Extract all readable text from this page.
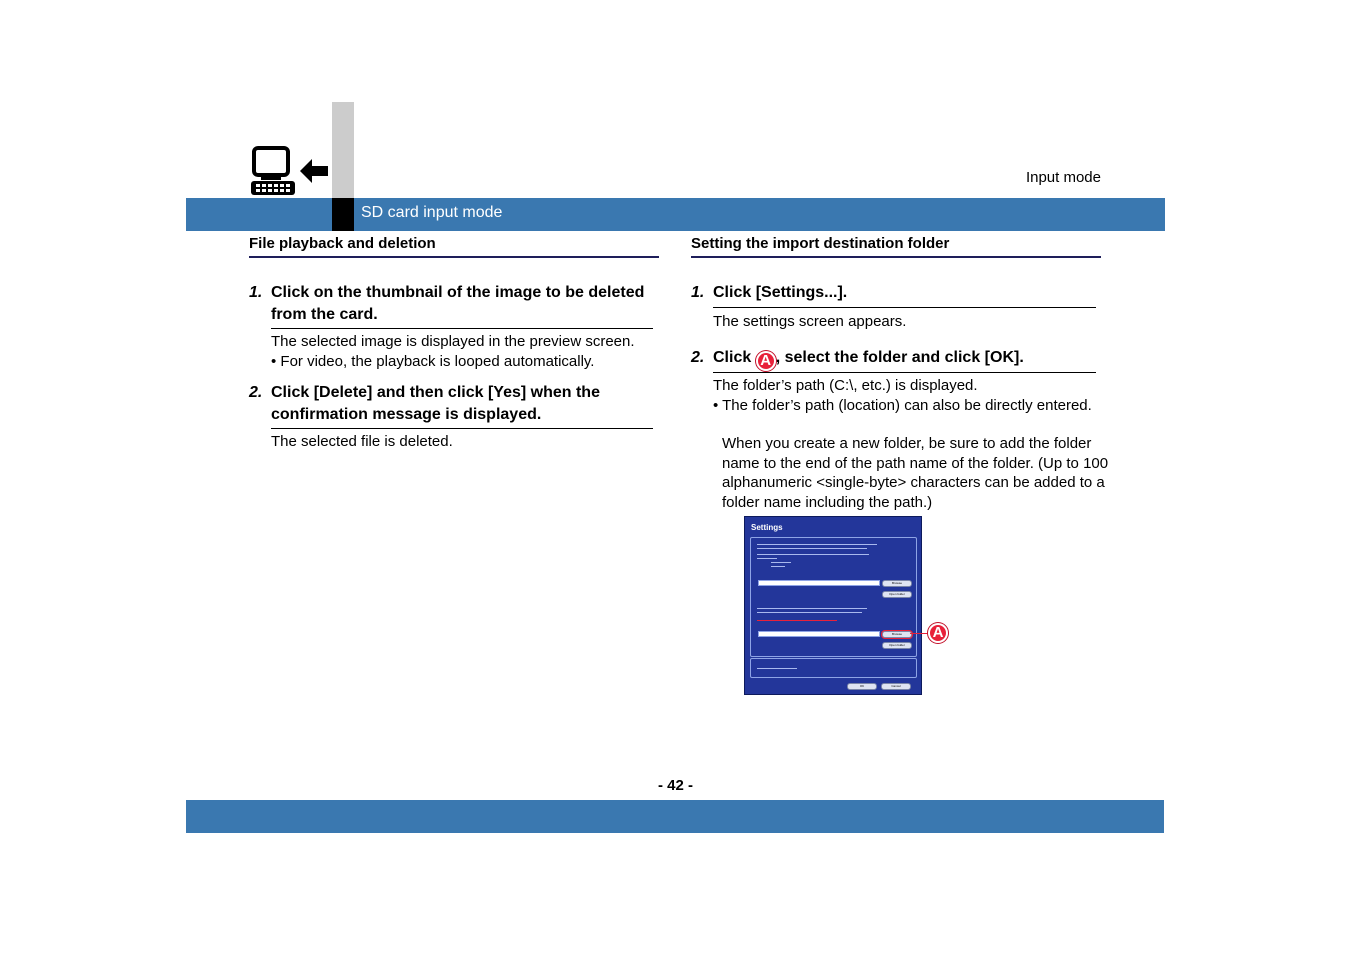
SD card input mode
Input mode
File playback and deletion
1. Click on the thumbnail of the image to be deleted from the card.
The selected image is displayed in the preview screen.
• For video, the playback is looped automatically.
2. Click [Delete] and then click [Yes] when the confirmation message is displayed.
The selected file is deleted.
Setting the import destination folder
1. Click [Settings...].
The settings screen appears.
2. Click A , select the folder and click [OK].
The folder’s path (C:\, etc.) is displayed.
• The folder’s path (location) can also be directly entered.
When you create a new folder, be sure to add the folder name to the end of the path name of the folder. (Up to 100 alphanumeric <single-byte> characters can be added to a folder name including the path.)
Settings
Browse
Open folder
Browse
Open folder
OK	Cancel
A
- 42 -
